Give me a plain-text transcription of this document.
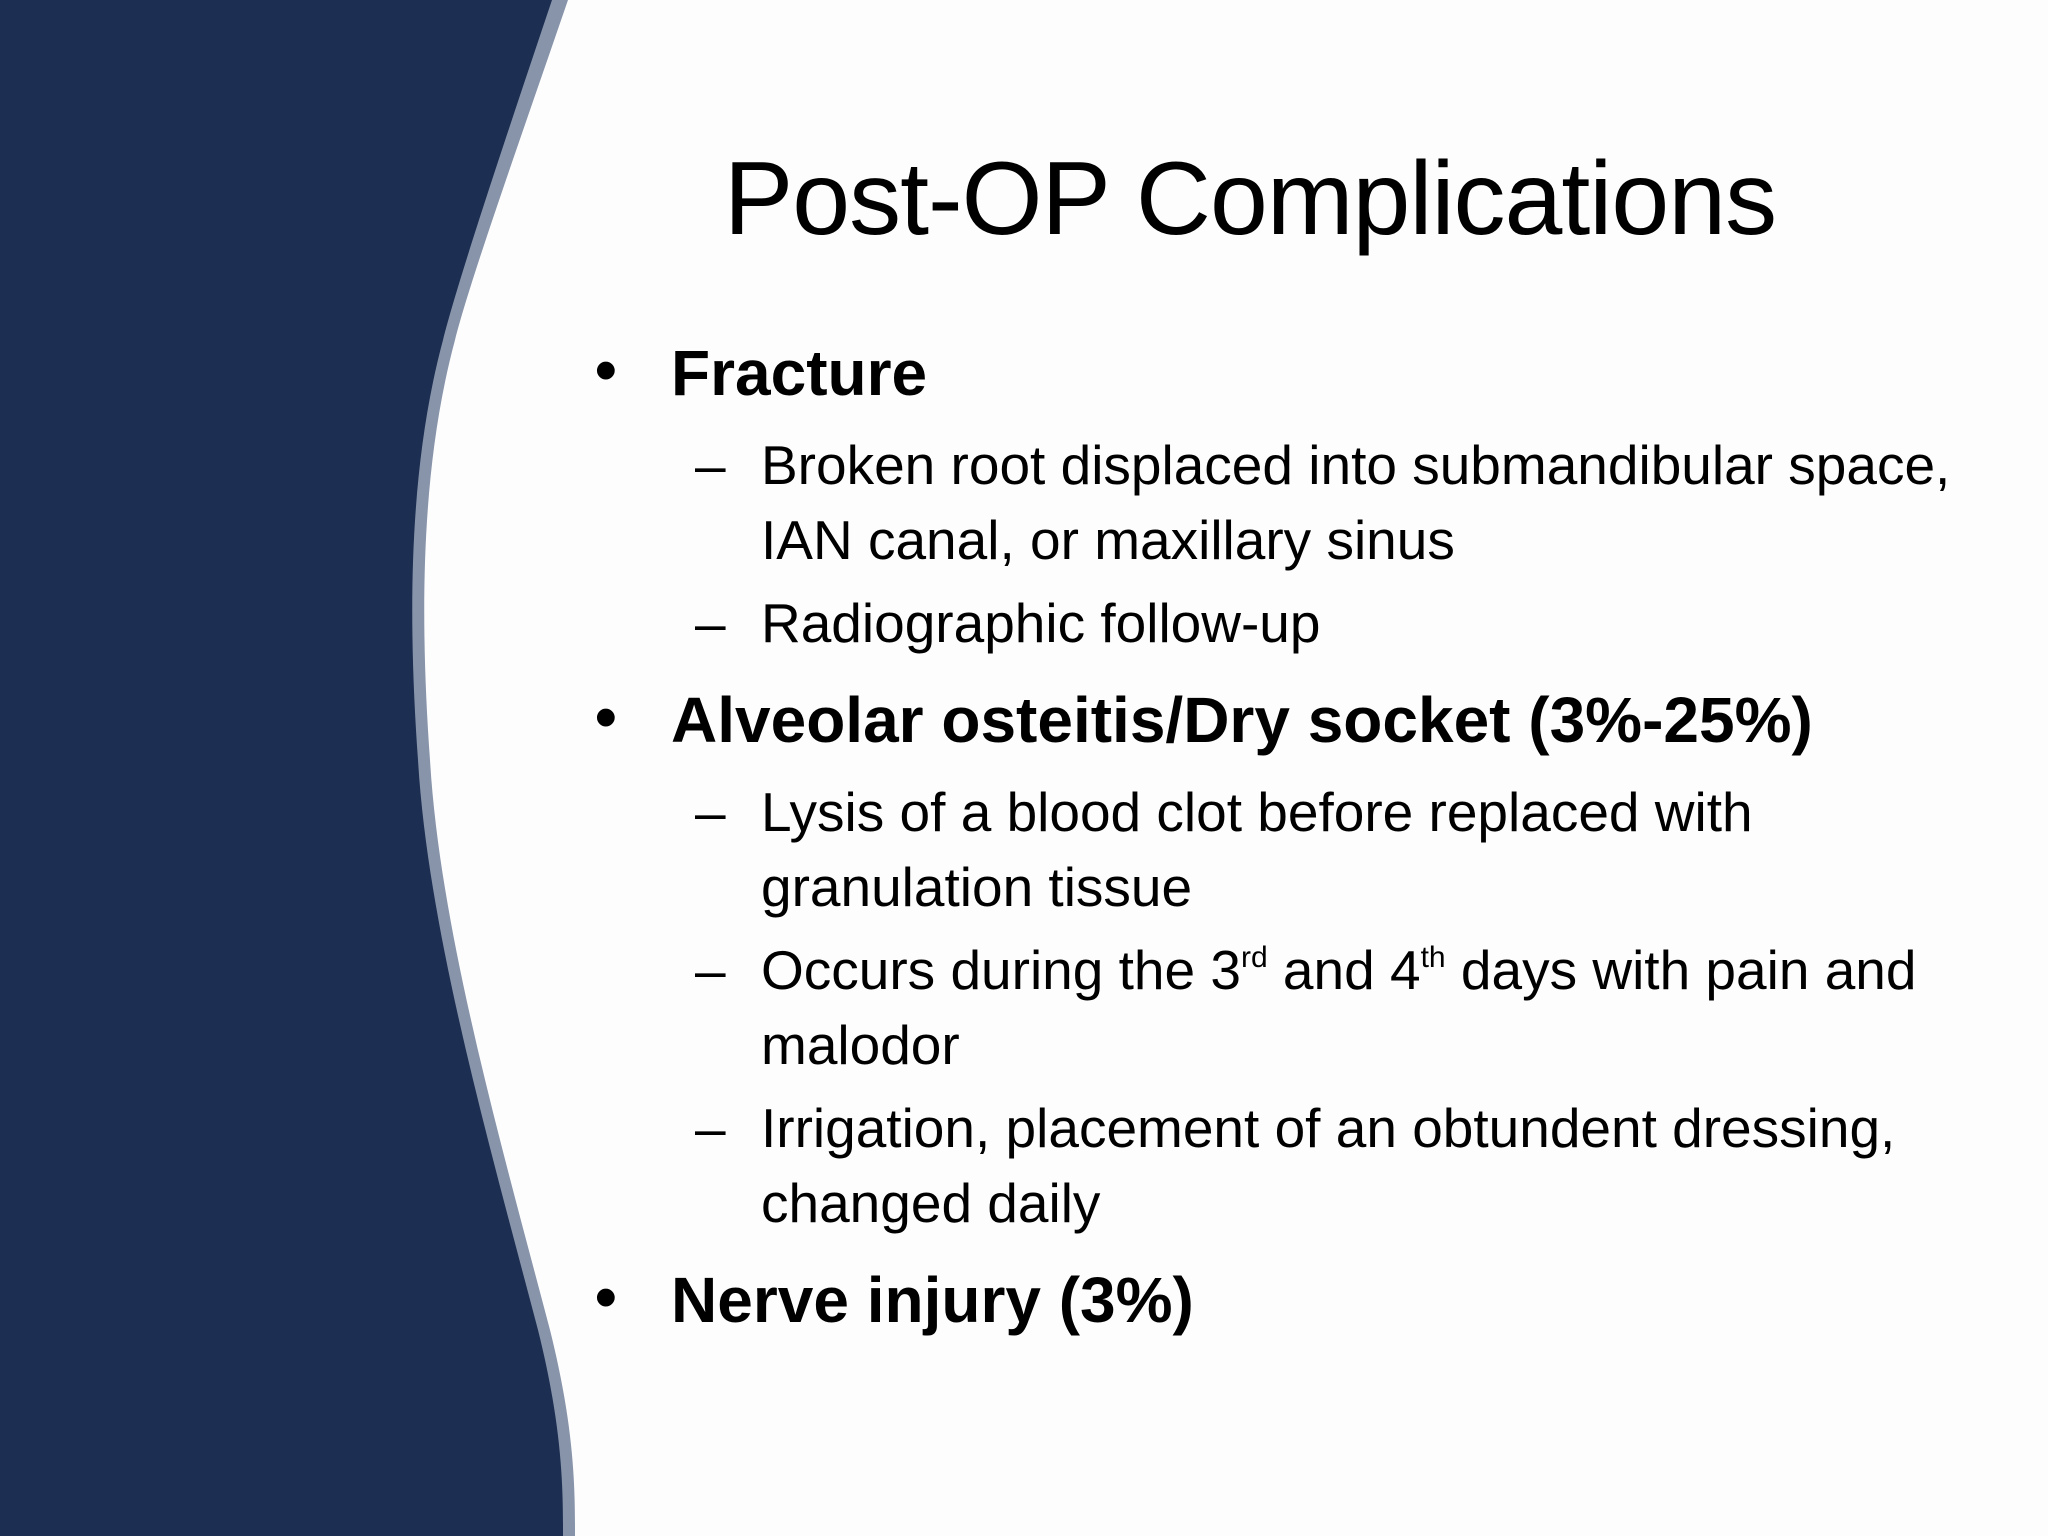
Post-OP Complications
• Fracture
– Broken root displaced into submandibular space, IAN canal, or maxillary sinus
– Radiographic follow-up
• Alveolar osteitis/Dry socket (3%-25%)
– Lysis of a blood clot before replaced with granulation tissue
– Occurs during the 3rd and 4th days with pain and malodor
– Irrigation, placement of an obtundent dressing, changed daily
• Nerve injury (3%)
